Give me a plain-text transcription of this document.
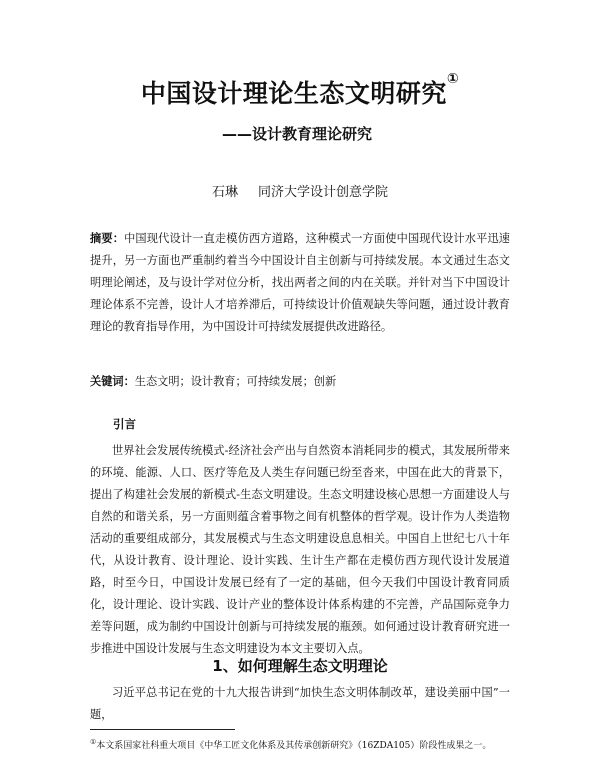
中国设计理论生态文明研究①
——设计教育理论研究
石琳 同济大学设计创意学院
摘要：中国现代设计一直走模仿西方道路，这种模式一方面使中国现代设计水平迅速提升，另一方面也严重制约着当今中国设计自主创新与可持续发展。本文通过生态文明理论阐述，及与设计学对位分析，找出两者之间的内在关联。并针对当下中国设计理论体系不完善，设计人才培养滞后，可持续设计价值观缺失等问题，通过设计教育理论的教育指导作用，为中国设计可持续发展提供改进路径。
关键词：生态文明；设计教育；可持续发展；创新
引言
世界社会发展传统模式-经济社会产出与自然资本消耗同步的模式，其发展所带来的环境、能源、人口、医疗等危及人类生存问题已纷至沓来，中国在此大的背景下，提出了构建社会发展的新模式-生态文明建设。生态文明建设核心思想一方面建设人与自然的和谐关系，另一方面则蕴含着事物之间有机整体的哲学观。设计作为人类造物活动的重要组成部分，其发展模式与生态文明建设息息相关。中国自上世纪七八十年代，从设计教育、设计理论、设计实践、生计生产都在走模仿西方现代设计发展道路，时至今日，中国设计发展已经有了一定的基础，但今天我们中国设计教育同质化，设计理论、设计实践、设计产业的整体设计体系构建的不完善，产品国际竞争力差等问题，成为制约中国设计创新与可持续发展的瓶颈。如何通过设计教育研究进一步推进中国设计发展与生态文明建设为本文主要切入点。
1、如何理解生态文明理论
习近平总书记在党的十九大报告讲到“加快生态文明体制改革，建设美丽中国”一题，
①本文系国家社科重大项目《中华工匠文化体系及其传承创新研究》（16ZDA105）阶段性成果之一。
